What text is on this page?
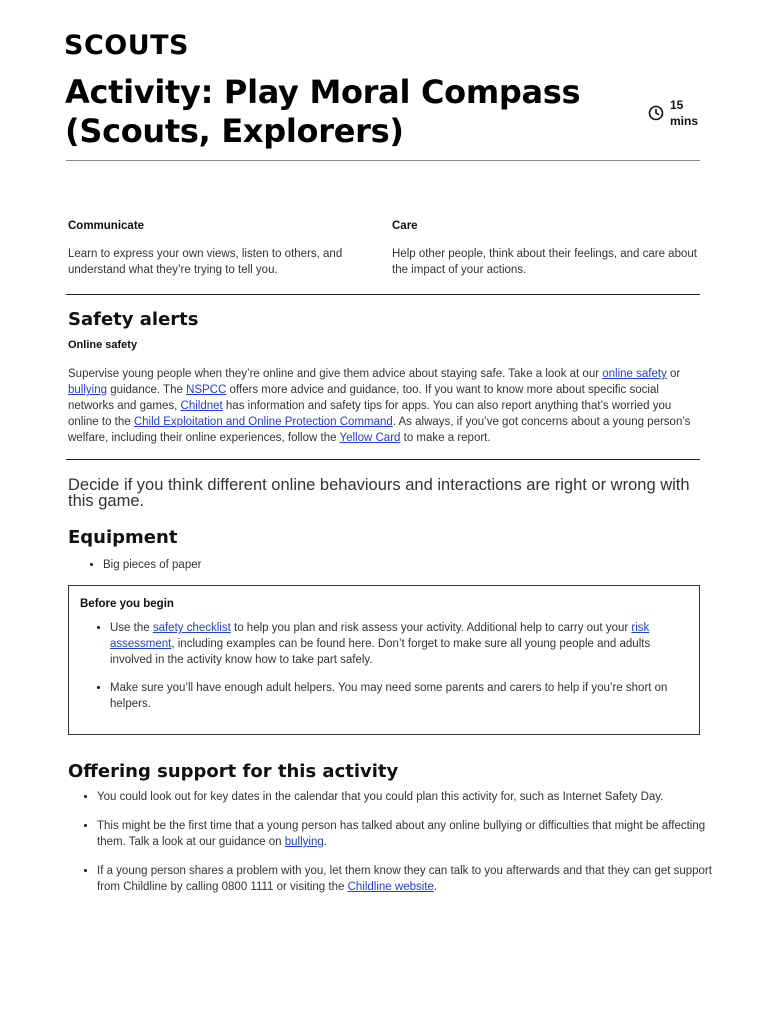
SCOUTS
Activity: Play Moral Compass (Scouts, Explorers)
15
mins
Communicate

Learn to express your own views, listen to others, and understand what they’re trying to tell you.

Care

Help other people, think about their feelings, and care about the impact of your actions.

Safety alerts
Online safety

Supervise young people when they’re online and give them advice about staying safe. Take a look at our online safety or bullying guidance. The NSPCC offers more advice and guidance, too. If you want to know more about specific social networks and games, Childnet has information and safety tips for apps. You can also report anything that’s worried you online to the Child Exploitation and Online Protection Command. As always, if you’ve got concerns about a young person’s welfare, including their online experiences, follow the Yellow Card to make a report.

Decide if you think different online behaviours and interactions are right or wrong with this game.

Equipment
• Big pieces of paper
Before you begin
• Use the safety checklist to help you plan and risk assess your activity. Additional help to carry out your risk assessment, including examples can be found here. Don’t forget to make sure all young people and adults involved in the activity know how to take part safely.
• Make sure you’ll have enough adult helpers. You may need some parents and carers to help if you’re short on helpers.
Offering support for this activity
• You could look out for key dates in the calendar that you could plan this activity for, such as Internet Safety Day.
• This might be the first time that a young person has talked about any online bullying or difficulties that might be affecting them. Talk a look at our guidance on bullying.
• If a young person shares a problem with you, let them know they can talk to you afterwards and that they can get support from Childline by calling 0800 1111 or visiting the Childline website.
